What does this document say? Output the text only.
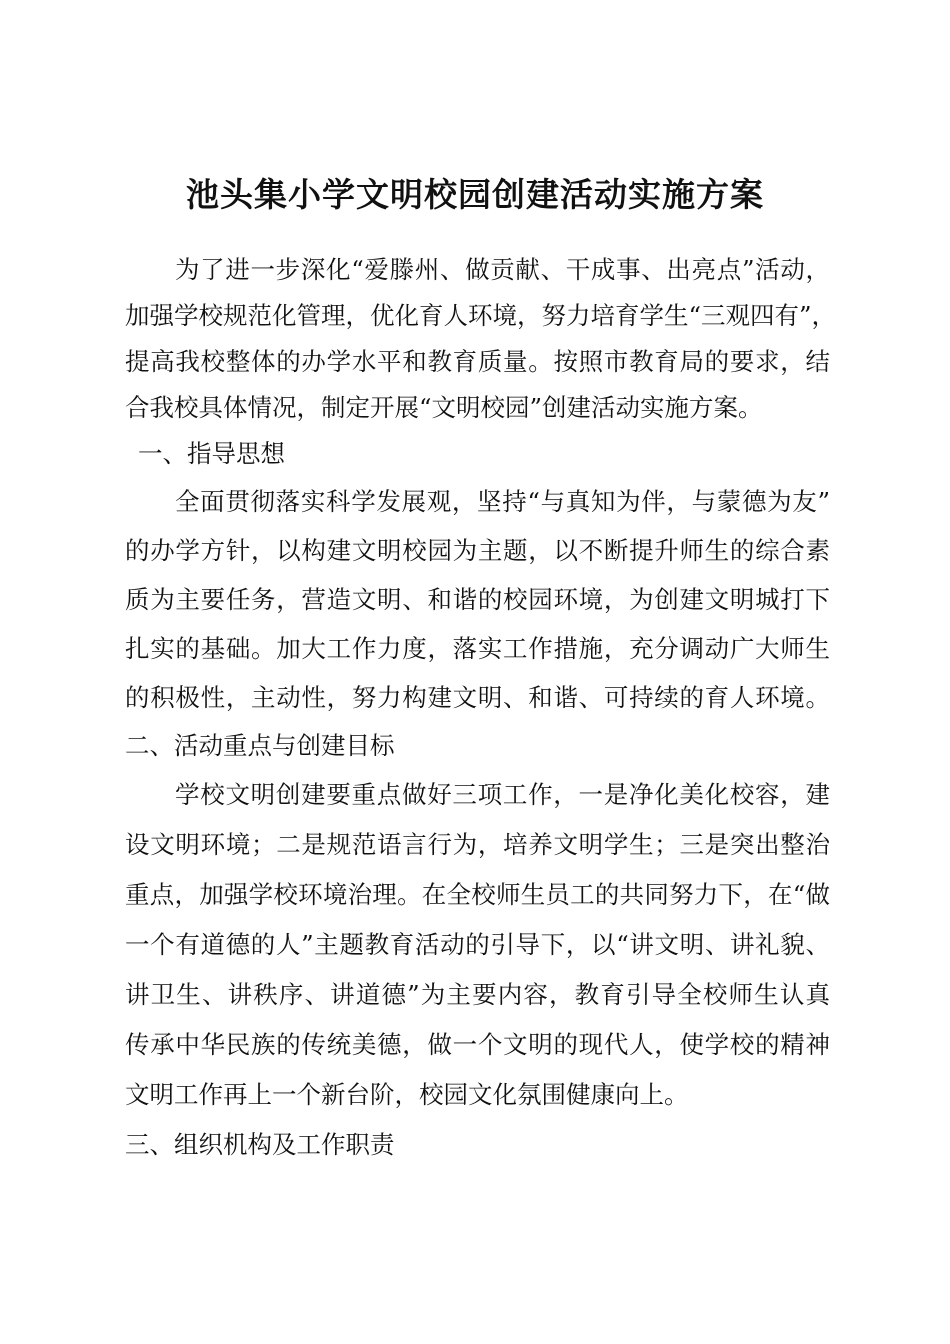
池头集小学文明校园创建活动实施方案
为了进一步深化“爱滕州、做贡献、干成事、出亮点”活动，
加强学校规范化管理，优化育人环境，努力培育学生“三观四有”，
提高我校整体的办学水平和教育质量。按照市教育局的要求，结
合我校具体情况，制定开展“文明校园”创建活动实施方案。
一、指导思想
全面贯彻落实科学发展观，坚持“与真知为伴，与蒙德为友”
的办学方针，以构建文明校园为主题，以不断提升师生的综合素
质为主要任务，营造文明、和谐的校园环境，为创建文明城打下
扎实的基础。加大工作力度，落实工作措施，充分调动广大师生
的积极性，主动性，努力构建文明、和谐、可持续的育人环境。
二、活动重点与创建目标
学校文明创建要重点做好三项工作，一是净化美化校容，建
设文明环境；二是规范语言行为，培养文明学生；三是突出整治
重点，加强学校环境治理。在全校师生员工的共同努力下，在“做
一个有道德的人”主题教育活动的引导下，以“讲文明、讲礼貌、
讲卫生、讲秩序、讲道德”为主要内容，教育引导全校师生认真
传承中华民族的传统美德，做一个文明的现代人，使学校的精神
文明工作再上一个新台阶，校园文化氛围健康向上。
三、组织机构及工作职责
